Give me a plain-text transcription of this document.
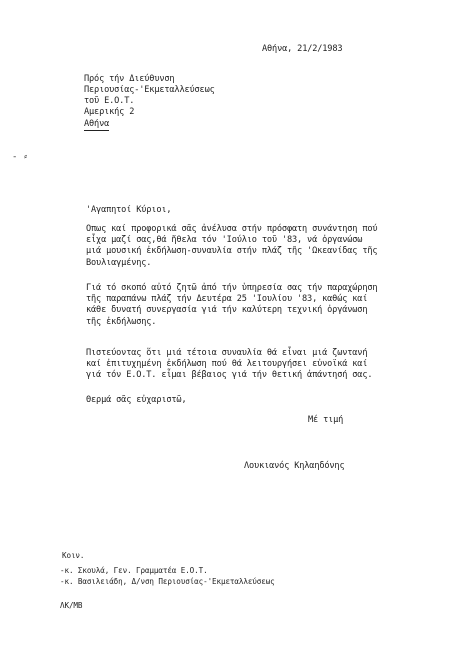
Αθήνα, 21/2/1983
Πρός τήν Διεύθυνση
Περιουσίας-'Εκμεταλλεύσεως
τοῦ Ε.Ο.Τ.
Αμερικής 2
Αθήνα
- ⸗
'Αγαπητοί Κύριοι,
Οπως καί προφορικά σᾶς ἀνέλυσα στήν πρόσφατη συνάντηση πού
εἶχα μαζί σας,θά ἤθελα τόν 'Ιούλιο τοῦ '83, νά ὀργανώσω
μιά μουσική ἐκδήλωση-συναυλία στήν πλάζ τῆς 'Ωκεανίδας τῆς
Βουλιαγμένης.
Γιά τό σκοπό αὐτό ζητῶ ἀπό τήν ὑπηρεσία σας τήν παραχώρηση
τῆς παραπάνω πλάζ τήν Δευτέρα 25 'Ιουλίου '83, καθώς καί
κάθε δυνατή συνεργασία γιά τήν καλύτερη τεχνική ὀργάνωση
τῆς ἐκδήλωσης.
Πιστεύοντας ὅτι μιά τέτοια συναυλία θά εἶναι μιά ζωντανή
καί ἐπιτυχημένη ἐκδήλωση πού θά λειτουργήσει εὐνοϊκά καί
γιά τόν Ε.Ο.Τ. εἶμαι βέβαιος γιά τήν θετική ἀπάντησή σας.
Θερμά σᾶς εὐχαριστῶ,
Μέ τιμή
Λουκιανός Κηλαηδόνης
Κοιν.
-κ. Σκουλά, Γεν. Γραμματέα Ε.Ο.Τ.
-κ. Βασιλειάδη, Δ/νση Περιουσίας-'Εκμεταλλεύσεως
ΛΚ/ΜΒ
